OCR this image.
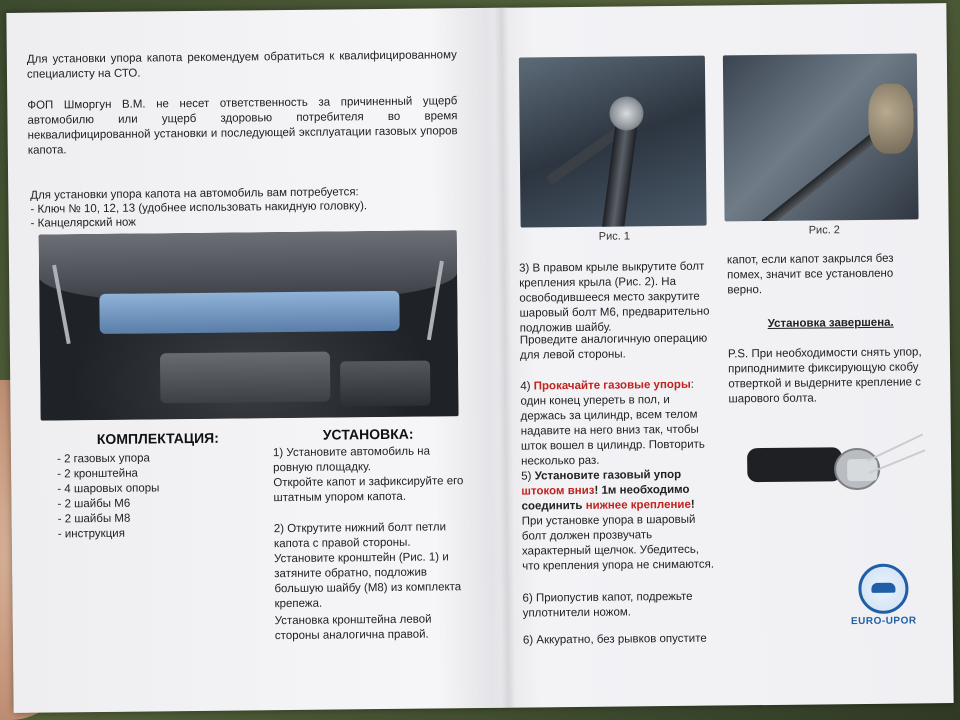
Для установки упора капота рекомендуем обратиться к квалифицированному специалисту на СТО.
ФОП Шморгун В.М. не несет ответственность за причиненный ущерб автомобилю или ущерб здоровью потребителя во время неквалифицированной установки и последующей эксплуатации газовых упоров капота.
Для установки упора капота на автомобиль вам потребуется:
- Ключ № 10, 12, 13 (удобнее использовать накидную головку).
- Канцелярский нож
КОМПЛЕКТАЦИЯ:
- 2 газовых упора
- 2 кронштейна
- 4 шаровых опоры
- 2 шайбы М6
- 2 шайбы М8
- инструкция
УСТАНОВКА:
1) Установите автомобиль на ровную площадку.
Откройте капот и зафиксируйте его штатным упором капота.
2) Открутите нижний болт петли капота с правой стороны.
Установите кронштейн (Рис. 1) и затяните обратно, подложив большую шайбу (М8) из комплекта крепежа.
Установка кронштейна левой стороны аналогична правой.
Рис. 1
Рис. 2
3) В правом крыле выкрутите болт крепления крыла (Рис. 2). На освободившееся место закрутите шаровый болт М6, предварительно подложив шайбу.
Проведите аналогичную операцию для левой стороны.
4) Прокачайте газовые упоры: один конец упереть в пол, и держась за цилиндр, всем телом надавите на него вниз так, чтобы шток вошел в цилиндр. Повторить несколько раз.
5) Установите газовый упор штоком вниз! 1м необходимо соединить нижнее крепление! При установке упора в шаровый болт должен прозвучать характерный щелчок. Убедитесь, что крепления упора не снимаются.
6) Приопустив капот, подрежьте уплотнители ножом.
6) Аккуратно, без рывков опустите
капот, если капот закрылся без помех, значит все установлено верно.
Установка завершена.
P.S. При необходимости снять упор, приподнимите фиксирующую скобу отверткой и выдерните крепление с шарового болта.
EURO-UPOR
